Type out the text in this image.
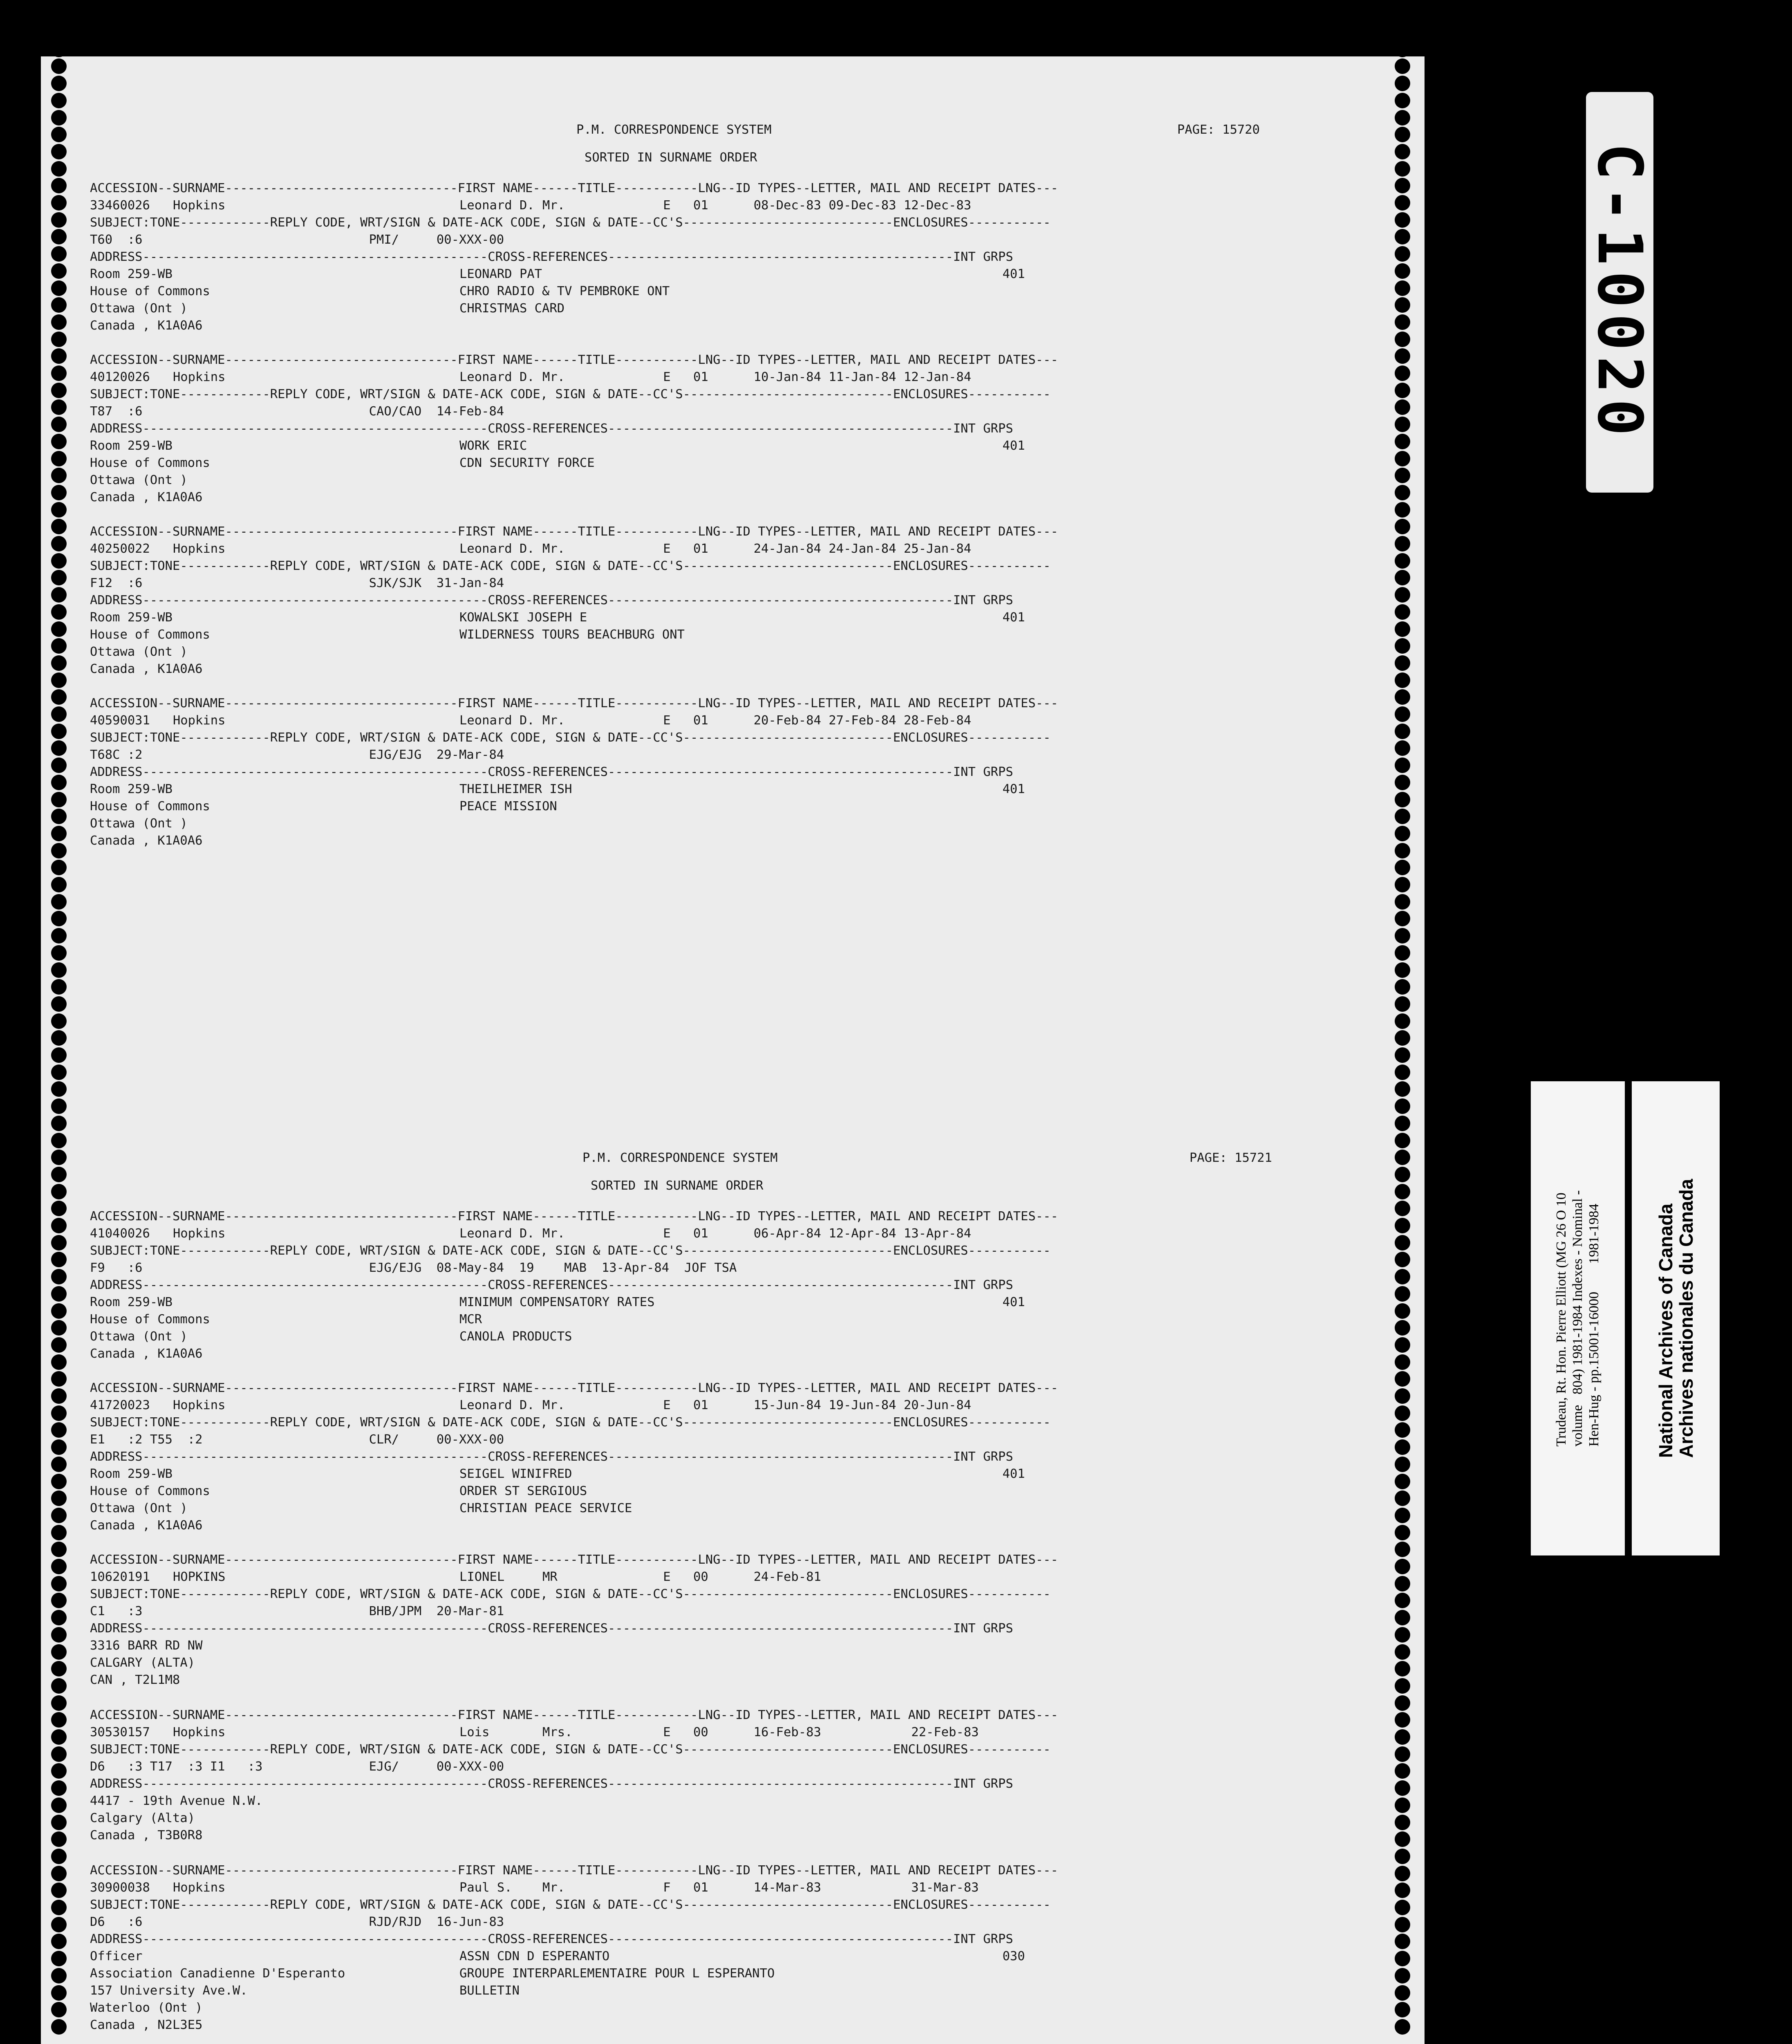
P.M. CORRESPONDENCE SYSTEM	PAGE: 15720
SORTED IN SURNAME ORDER
ACCESSION--SURNAME-------------------------------FIRST NAME------TITLE-----------LNG--ID TYPES--LETTER, MAIL AND RECEIPT DATES---
33460026 Hopkins	Leonard D. Mr.	E 01	08-Dec-83 09-Dec-83 12-Dec-83
SUBJECT:TONE------------REPLY CODE, WRT/SIGN & DATE-ACK CODE, SIGN & DATE--CC'S----------------------------ENCLOSURES-----------
T60  :6	PMI/     00-XXX-00
ADDRESS----------------------------------------------CROSS-REFERENCES----------------------------------------------INT GRPS
Room 259-WB	LEONARD PAT	401
House of Commons	CHRO RADIO & TV PEMBROKE ONT
Ottawa (Ont )	CHRISTMAS CARD
Canada , K1A0A6
ACCESSION--SURNAME-------------------------------FIRST NAME------TITLE-----------LNG--ID TYPES--LETTER, MAIL AND RECEIPT DATES---
40120026 Hopkins	Leonard D. Mr.	E 01	10-Jan-84 11-Jan-84 12-Jan-84
SUBJECT:TONE------------REPLY CODE, WRT/SIGN & DATE-ACK CODE, SIGN & DATE--CC'S----------------------------ENCLOSURES-----------
T87  :6	CAO/CAO  14-Feb-84
ADDRESS----------------------------------------------CROSS-REFERENCES----------------------------------------------INT GRPS
Room 259-WB	WORK ERIC	401
House of Commons	CDN SECURITY FORCE
Ottawa (Ont )
Canada , K1A0A6
ACCESSION--SURNAME-------------------------------FIRST NAME------TITLE-----------LNG--ID TYPES--LETTER, MAIL AND RECEIPT DATES---
40250022 Hopkins	Leonard D. Mr.	E 01	24-Jan-84 24-Jan-84 25-Jan-84
SUBJECT:TONE------------REPLY CODE, WRT/SIGN & DATE-ACK CODE, SIGN & DATE--CC'S----------------------------ENCLOSURES-----------
F12  :6	SJK/SJK  31-Jan-84
ADDRESS----------------------------------------------CROSS-REFERENCES----------------------------------------------INT GRPS
Room 259-WB	KOWALSKI JOSEPH E	401
House of Commons	WILDERNESS TOURS BEACHBURG ONT
Ottawa (Ont )
Canada , K1A0A6
ACCESSION--SURNAME-------------------------------FIRST NAME------TITLE-----------LNG--ID TYPES--LETTER, MAIL AND RECEIPT DATES---
40590031 Hopkins	Leonard D. Mr.	E 01	20-Feb-84 27-Feb-84 28-Feb-84
SUBJECT:TONE------------REPLY CODE, WRT/SIGN & DATE-ACK CODE, SIGN & DATE--CC'S----------------------------ENCLOSURES-----------
T68C :2	EJG/EJG  29-Mar-84
ADDRESS----------------------------------------------CROSS-REFERENCES----------------------------------------------INT GRPS
Room 259-WB	THEILHEIMER ISH	401
House of Commons	PEACE MISSION
Ottawa (Ont )
Canada , K1A0A6
P.M. CORRESPONDENCE SYSTEM	PAGE: 15721
SORTED IN SURNAME ORDER
ACCESSION--SURNAME-------------------------------FIRST NAME------TITLE-----------LNG--ID TYPES--LETTER, MAIL AND RECEIPT DATES---
41040026 Hopkins	Leonard D. Mr.	E 01	06-Apr-84 12-Apr-84 13-Apr-84
SUBJECT:TONE------------REPLY CODE, WRT/SIGN & DATE-ACK CODE, SIGN & DATE--CC'S----------------------------ENCLOSURES-----------
F9   :6	EJG/EJG  08-May-84  19    MAB  13-Apr-84  JOF TSA
ADDRESS----------------------------------------------CROSS-REFERENCES----------------------------------------------INT GRPS
Room 259-WB	MINIMUM COMPENSATORY RATES	401
House of Commons	MCR
Ottawa (Ont )	CANOLA PRODUCTS
Canada , K1A0A6
ACCESSION--SURNAME-------------------------------FIRST NAME------TITLE-----------LNG--ID TYPES--LETTER, MAIL AND RECEIPT DATES---
41720023 Hopkins	Leonard D. Mr.	E 01	15-Jun-84 19-Jun-84 20-Jun-84
SUBJECT:TONE------------REPLY CODE, WRT/SIGN & DATE-ACK CODE, SIGN & DATE--CC'S----------------------------ENCLOSURES-----------
E1   :2 T55  :2	CLR/     00-XXX-00
ADDRESS----------------------------------------------CROSS-REFERENCES----------------------------------------------INT GRPS
Room 259-WB	SEIGEL WINIFRED	401
House of Commons	ORDER ST SERGIOUS
Ottawa (Ont )	CHRISTIAN PEACE SERVICE
Canada , K1A0A6
ACCESSION--SURNAME-------------------------------FIRST NAME------TITLE-----------LNG--ID TYPES--LETTER, MAIL AND RECEIPT DATES---
10620191 HOPKINS	LIONEL	MR	E 00	24-Feb-81
SUBJECT:TONE------------REPLY CODE, WRT/SIGN & DATE-ACK CODE, SIGN & DATE--CC'S----------------------------ENCLOSURES-----------
C1   :3	BHB/JPM  20-Mar-81
ADDRESS----------------------------------------------CROSS-REFERENCES----------------------------------------------INT GRPS
3316 BARR RD NW
CALGARY (ALTA)
CAN , T2L1M8
ACCESSION--SURNAME-------------------------------FIRST NAME------TITLE-----------LNG--ID TYPES--LETTER, MAIL AND RECEIPT DATES---
30530157 Hopkins	Lois	Mrs.	E 00	16-Feb-83            22-Feb-83
SUBJECT:TONE------------REPLY CODE, WRT/SIGN & DATE-ACK CODE, SIGN & DATE--CC'S----------------------------ENCLOSURES-----------
D6   :3 T17  :3 I1   :3	EJG/     00-XXX-00
ADDRESS----------------------------------------------CROSS-REFERENCES----------------------------------------------INT GRPS
4417 - 19th Avenue N.W.
Calgary (Alta)
Canada , T3B0R8
ACCESSION--SURNAME-------------------------------FIRST NAME------TITLE-----------LNG--ID TYPES--LETTER, MAIL AND RECEIPT DATES---
30900038 Hopkins	Paul S. Mr.	F 01	14-Mar-83            31-Mar-83
SUBJECT:TONE------------REPLY CODE, WRT/SIGN & DATE-ACK CODE, SIGN & DATE--CC'S----------------------------ENCLOSURES-----------
D6   :6	RJD/RJD  16-Jun-83
ADDRESS----------------------------------------------CROSS-REFERENCES----------------------------------------------INT GRPS
Officer	ASSN CDN D ESPERANTO	030
Association Canadienne D'Esperanto	GROUPE INTERPARLEMENTAIRE POUR L ESPERANTO
157 University Ave.W.	BULLETIN
Waterloo (Ont )
Canada , N2L3E5
C-10020
Trudeau, Rt. Hon. Pierre Elliott (MG 26 O 10 volume   804) 1981-1984 Indexes - Nominal - Hen-Hug - pp.15001-16000        1981-1984	National Archives of Canada
Archives nationales du Canada
